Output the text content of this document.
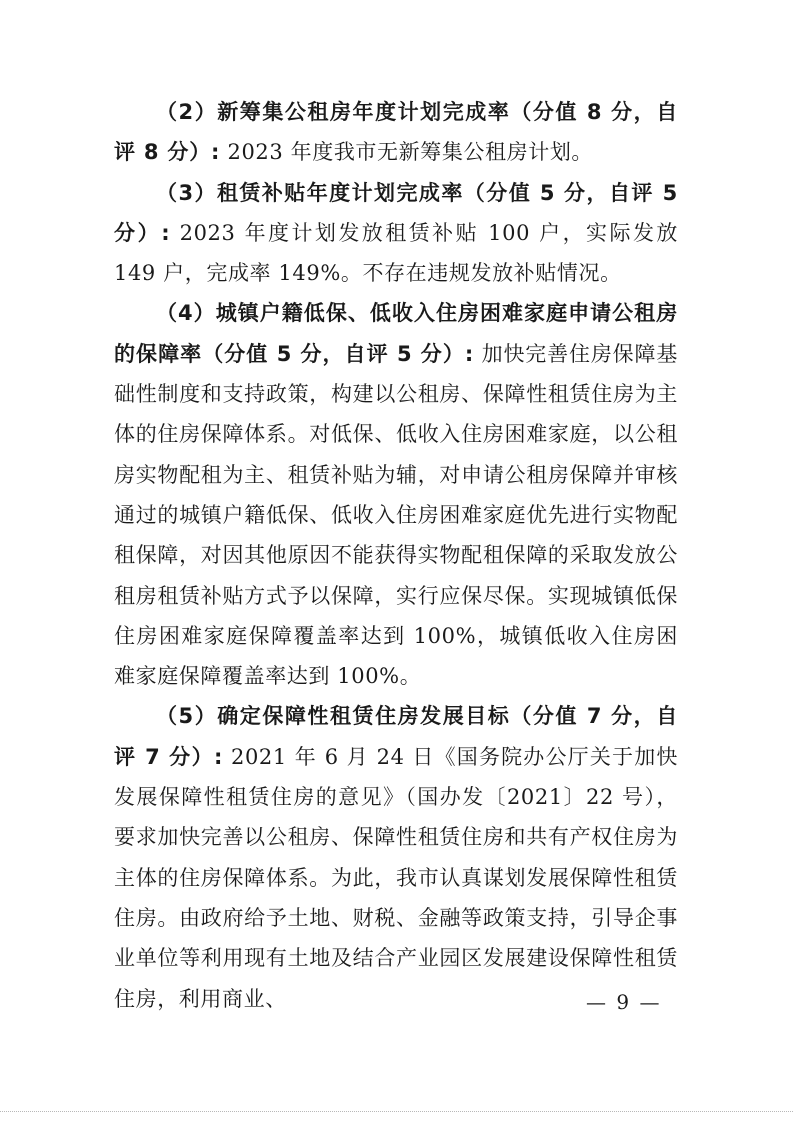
（2）新筹集公租房年度计划完成率（分值 8 分，自评 8 分）: 2023 年度我市无新筹集公租房计划。

（3）租赁补贴年度计划完成率（分值 5 分，自评 5 分）: 2023 年度计划发放租赁补贴 100 户，实际发放 149 户，完成率 149%。不存在违规发放补贴情况。

（4）城镇户籍低保、低收入住房困难家庭申请公租房的保障率（分值 5 分，自评 5 分）: 加快完善住房保障基础性制度和支持政策，构建以公租房、保障性租赁住房为主体的住房保障体系。对低保、低收入住房困难家庭，以公租房实物配租为主、租赁补贴为辅，对申请公租房保障并审核通过的城镇户籍低保、低收入住房困难家庭优先进行实物配租保障，对因其他原因不能获得实物配租保障的采取发放公租房租赁补贴方式予以保障，实行应保尽保。实现城镇低保住房困难家庭保障覆盖率达到 100%，城镇低收入住房困难家庭保障覆盖率达到 100%。

（5）确定保障性租赁住房发展目标（分值 7 分，自评 7 分）: 2021 年 6 月 24 日《国务院办公厅关于加快发展保障性租赁住房的意见》（国办发〔2021〕22 号），要求加快完善以公租房、保障性租赁住房和共有产权住房为主体的住房保障体系。为此，我市认真谋划发展保障性租赁住房。由政府给予土地、财税、金融等政策支持，引导企事业单位等利用现有土地及结合产业园区发展建设保障性租赁住房，利用商业、	— 9 —
